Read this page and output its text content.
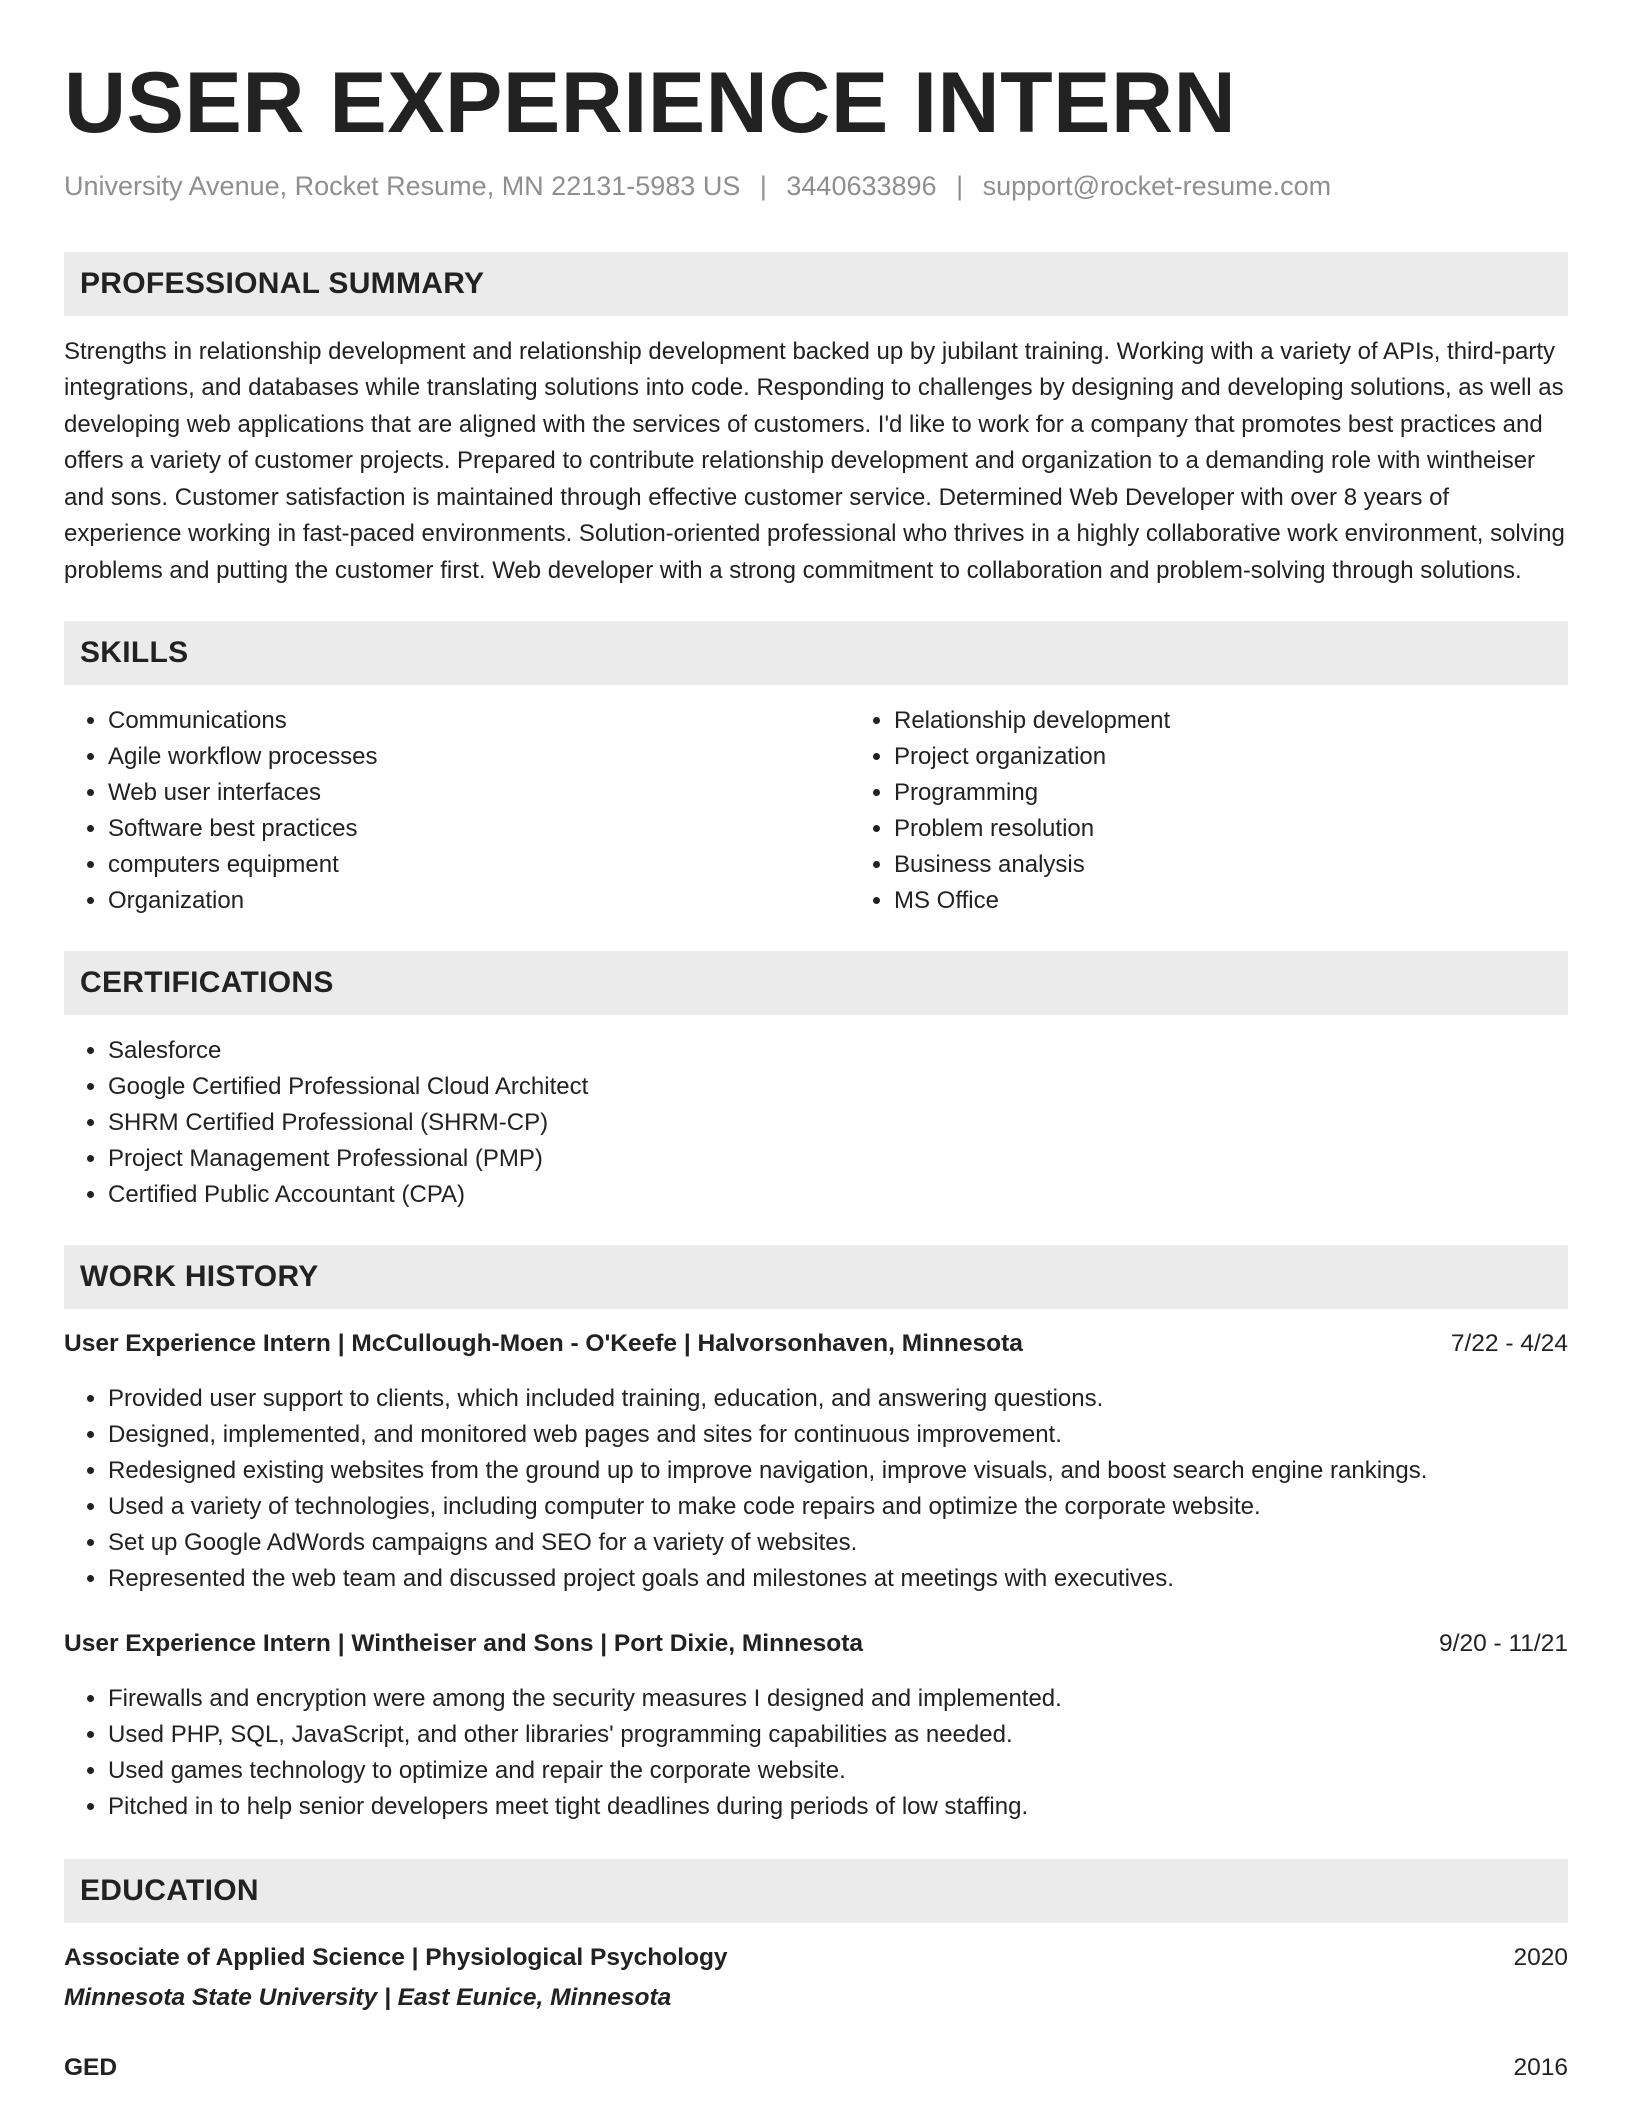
USER EXPERIENCE INTERN
University Avenue, Rocket Resume, MN 22131-5983 US | 3440633896 | support@rocket-resume.com
PROFESSIONAL SUMMARY

Strengths in relationship development and relationship development backed up by jubilant training. Working with a variety of APIs, third-party integrations, and databases while translating solutions into code. Responding to challenges by designing and developing solutions, as well as developing web applications that are aligned with the services of customers. I'd like to work for a company that promotes best practices and offers a variety of customer projects. Prepared to contribute relationship development and organization to a demanding role with wintheiser and sons. Customer satisfaction is maintained through effective customer service. Determined Web Developer with over 8 years of experience working in fast-paced environments. Solution-oriented professional who thrives in a highly collaborative work environment, solving problems and putting the customer first. Web developer with a strong commitment to collaboration and problem-solving through solutions.

SKILLS
• Communications
• Agile workflow processes
• Web user interfaces
• Software best practices
• computers equipment
• Organization
• Relationship development
• Project organization
• Programming
• Problem resolution
• Business analysis
• MS Office
CERTIFICATIONS
• Salesforce
• Google Certified Professional Cloud Architect
• SHRM Certified Professional (SHRM-CP)
• Project Management Professional (PMP)
• Certified Public Accountant (CPA)
WORK HISTORY
User Experience Intern | McCullough-Moen - O'Keefe | Halvorsonhaven, Minnesota	7/22 - 4/24
• Provided user support to clients, which included training, education, and answering questions.
• Designed, implemented, and monitored web pages and sites for continuous improvement.
• Redesigned existing websites from the ground up to improve navigation, improve visuals, and boost search engine rankings.
• Used a variety of technologies, including computer to make code repairs and optimize the corporate website.
• Set up Google AdWords campaigns and SEO for a variety of websites.
• Represented the web team and discussed project goals and milestones at meetings with executives.
User Experience Intern | Wintheiser and Sons | Port Dixie, Minnesota	9/20 - 11/21
• Firewalls and encryption were among the security measures I designed and implemented.
• Used PHP, SQL, JavaScript, and other libraries' programming capabilities as needed.
• Used games technology to optimize and repair the corporate website.
• Pitched in to help senior developers meet tight deadlines during periods of low staffing.
EDUCATION
Associate of Applied Science | Physiological Psychology	2020
Minnesota State University | East Eunice, Minnesota
GED	2016
